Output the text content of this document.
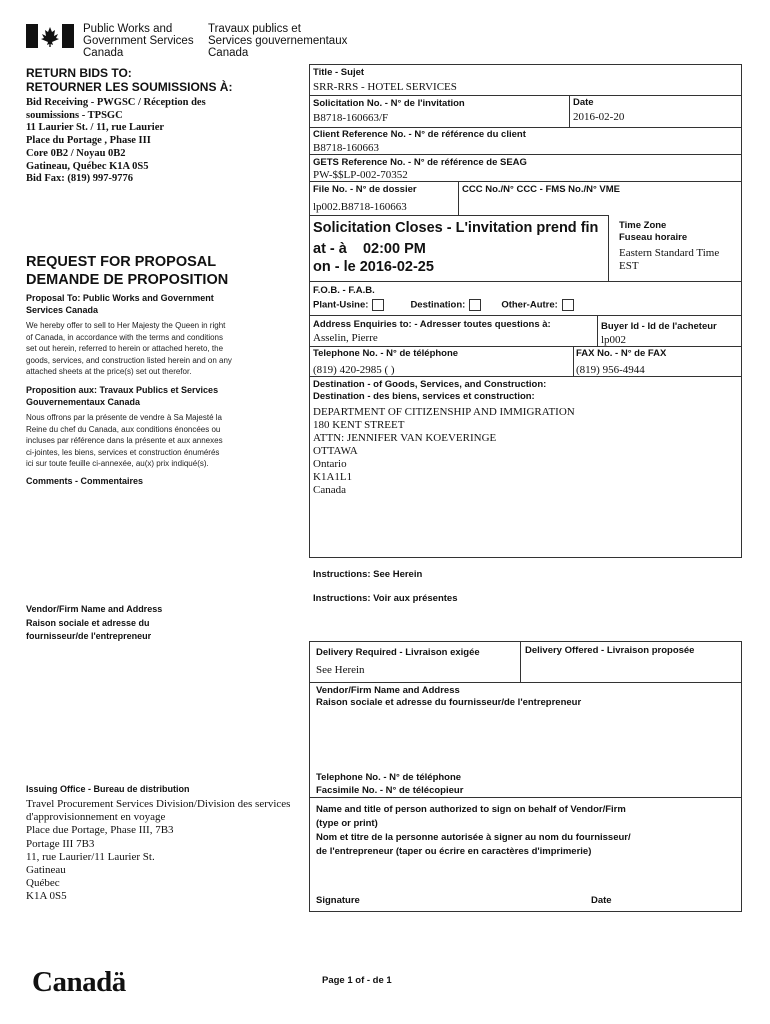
Public Works and
Government Services
Canada
Travaux publics et
Services gouvernementaux
Canada
RETURN BIDS TO:
RETOURNER LES SOUMISSIONS À:
Bid Receiving - PWGSC / Réception des
soumissions - TPSGC
11 Laurier St. / 11, rue Laurier
Place du Portage , Phase III
Core 0B2 / Noyau 0B2
Gatineau, Québec K1A 0S5
Bid Fax: (819) 997-9776
REQUEST FOR PROPOSAL
DEMANDE DE PROPOSITION
Proposal To: Public Works and Government Services Canada
We hereby offer to sell to Her Majesty the Queen in right
of Canada, in accordance with the terms and conditions
set out herein, referred to herein or attached hereto, the
goods, services, and construction listed herein and on any
attached sheets at the price(s) set out therefor.
Proposition aux: Travaux Publics et Services Gouvernementaux Canada
Nous offrons par la présente de vendre à Sa Majesté la
Reine du chef du Canada, aux conditions énoncées ou
incluses par référence dans la présente et aux annexes
ci-jointes, les biens, services et construction énumérés
ici sur toute feuille ci-annexée, au(x) prix indiqué(s).
Comments - Commentaires
Vendor/Firm Name and Address
Raison sociale et adresse du
fournisseur/de l'entrepreneur
Issuing Office - Bureau de distribution
Travel Procurement Services Division/Division des services
d'approvisionnement en voyage
Place due Portage, Phase III, 7B3
Portage III 7B3
11, rue Laurier/11 Laurier St.
Gatineau
Québec
K1A 0S5
Title - Sujet
SRR-RRS - HOTEL SERVICES
Solicitation No. - N° de l'invitation
B8718-160663/F
Date
2016-02-20
Client Reference No. - N° de référence du client
B8718-160663
GETS Reference No. - N° de référence de SEAG
PW-$$LP-002-70352
File No. - N° de dossier
lp002.B8718-160663
CCC No./N° CCC - FMS No./N° VME
Solicitation Closes - L'invitation prend fin
at - à 02:00 PM
on - le 2016-02-25
Time Zone
Fuseau horaire
Eastern Standard Time
EST
F.O.B. - F.A.B.
Plant-Usine:	Destination:	Other-Autre:
Address Enquiries to: - Adresser toutes questions à:
Asselin, Pierre
Buyer Id - Id de l'acheteur
lp002
Telephone No. - N° de téléphone
(819) 420-2985 ( )
FAX No. - N° de FAX
(819) 956-4944
Destination - of Goods, Services, and Construction:
Destination - des biens, services et construction:
DEPARTMENT OF CITIZENSHIP AND IMMIGRATION
180 KENT STREET
ATTN: JENNIFER VAN KOEVERINGE
OTTAWA
Ontario
K1A1L1
Canada
Instructions: See Herein
Instructions: Voir aux présentes
Delivery Required - Livraison exigée
See Herein
Delivery Offered - Livraison proposée
Vendor/Firm Name and Address
Raison sociale et adresse du fournisseur/de l'entrepreneur
Telephone No. - N° de téléphone
Facsimile No. - N° de télécopieur
Name and title of person authorized to sign on behalf of Vendor/Firm
(type or print)
Nom et titre de la personne autorisée à signer au nom du fournisseur/
de l'entrepreneur (taper ou écrire en caractères d'imprimerie)
Signature	Date
Canadä	Page 1 of - de 1
